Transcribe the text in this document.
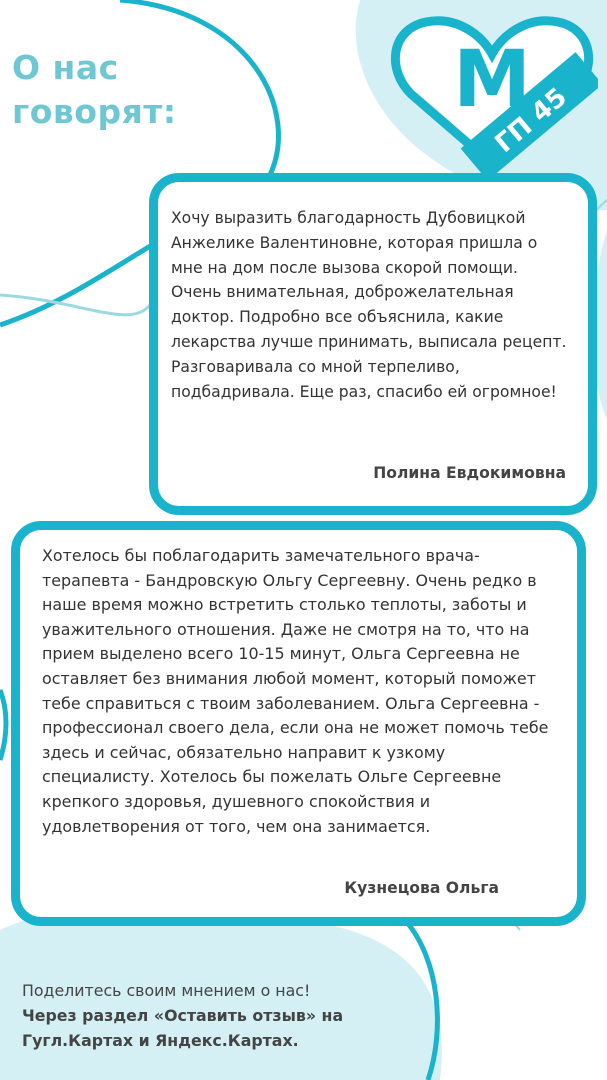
О нас
говорят:	М
ГП 45

Хочу выразить благодарность Дубовицкой Анжелике Валентиновне, которая пришла о мне на дом после вызова скорой помощи. Очень внимательная, доброжелательная доктор. Подробно все объяснила, какие лекарства лучше принимать, выписала рецепт. Разговаривала со мной терпеливо, подбадривала. Еще раз, спасибо ей огромное!

Полина Евдокимовна

Хотелось бы поблагодарить замечательного врача-терапевта - Бандровскую Ольгу Сергеевну. Очень редко в наше время можно встретить столько теплоты, заботы и уважительного отношения. Даже не смотря на то, что на прием выделено всего 10-15 минут, Ольга Сергеевна не оставляет без внимания любой момент, который поможет тебе справиться с твоим заболеванием. Ольга Сергеевна - профессионал своего дела, если она не может помочь тебе здесь и сейчас, обязательно направит к узкому специалисту. Хотелось бы пожелать Ольге Сергеевне крепкого здоровья, душевного спокойствия и удовлетворения от того, чем она занимается.

Кузнецова Ольга
Поделитесь своим мнением о нас!
Через раздел «Оставить отзыв» на Гугл.Картах и Яндекс.Картах.
